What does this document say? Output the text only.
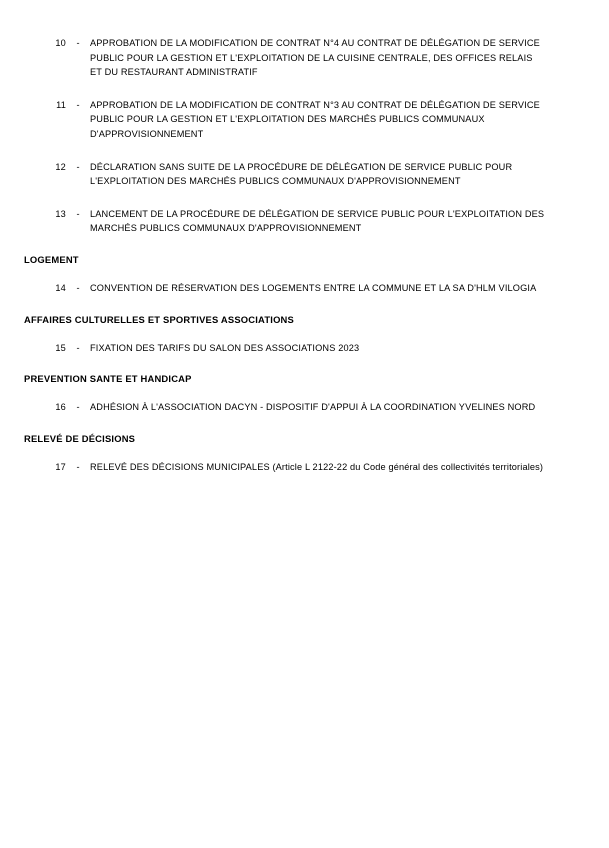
10	-	APPROBATION DE LA MODIFICATION DE CONTRAT N°4 AU CONTRAT DE DÉLÉGATION DE SERVICE PUBLIC POUR LA GESTION ET L'EXPLOITATION DE LA CUISINE CENTRALE, DES OFFICES RELAIS ET DU RESTAURANT ADMINISTRATIF
11	-	APPROBATION DE LA MODIFICATION DE CONTRAT N°3 AU CONTRAT DE DÉLÉGATION DE SERVICE PUBLIC POUR LA GESTION ET L'EXPLOITATION DES MARCHÉS PUBLICS COMMUNAUX D'APPROVISIONNEMENT
12	-	DÉCLARATION SANS SUITE DE LA PROCÉDURE DE DÉLÉGATION DE SERVICE PUBLIC POUR L'EXPLOITATION DES MARCHÉS PUBLICS COMMUNAUX D'APPROVISIONNEMENT
13	-	LANCEMENT DE LA PROCÉDURE DE DÉLÉGATION DE SERVICE PUBLIC POUR L'EXPLOITATION DES MARCHÉS PUBLICS COMMUNAUX D'APPROVISIONNEMENT
LOGEMENT
14	-	CONVENTION DE RÉSERVATION DES LOGEMENTS ENTRE LA COMMUNE ET LA SA D'HLM VILOGIA
AFFAIRES CULTURELLES ET SPORTIVES ASSOCIATIONS
15	-	FIXATION DES TARIFS DU SALON DES ASSOCIATIONS 2023
PREVENTION SANTE ET HANDICAP
16	-	ADHÉSION À L'ASSOCIATION DACYN - DISPOSITIF D'APPUI À LA COORDINATION YVELINES NORD
RELEVÉ DE DÉCISIONS
17	-	RELEVÉ DES DÉCISIONS MUNICIPALES (Article L 2122-22 du Code général des collectivités territoriales)
